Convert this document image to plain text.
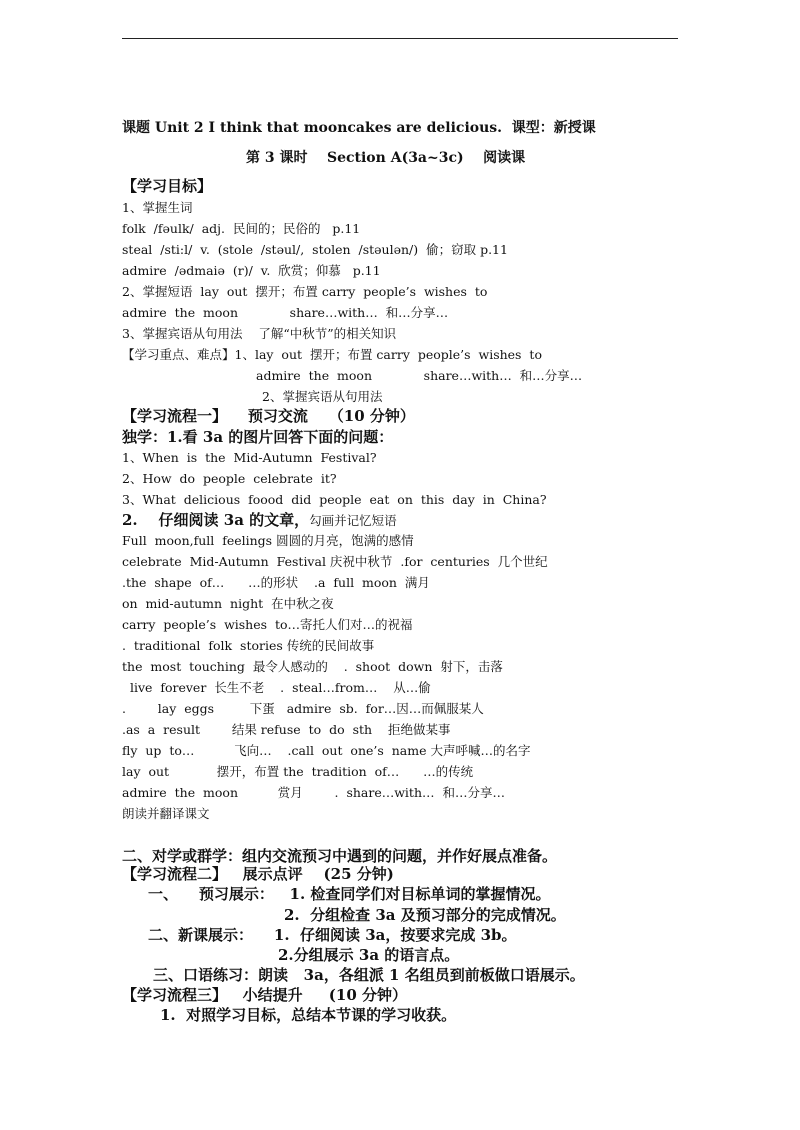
课题 Unit 2 I think that mooncakes are delicious.  课型：新授课
第 3 课时    Section A(3a~3c)    阅读课
【学习目标】
1、掌握生词
folk  /fəulk/  adj.  民间的；民俗的   p.11
steal  /sti:l/  v.  (stole  /stəul/,  stolen  /stəulən/)  偷；窃取 p.11
admire  /ədmaiə  (r)/  v.  欣赏；仰慕   p.11
2、掌握短语  lay  out  摆开；布置 carry  people’s  wishes  to
admire  the  moon             share…with…  和…分享…
3、掌握宾语从句用法    了解“中秋节”的相关知识
【学习重点、难点】1、lay  out  摆开；布置 carry  people’s  wishes  to
admire  the  moon             share…with…  和…分享…
2、掌握宾语从句用法
【学习流程一】    预习交流    （10 分钟）
独学：1.看 3a 的图片回答下面的问题：
1、When  is  the  Mid-Autumn  Festival?
2、How  do  people  celebrate  it?
3、What  delicious  foood  did  people  eat  on  this  day  in  China?
2.    仔细阅读 3a 的文章，勾画并记忆短语
Full  moon,full  feelings 圆圆的月亮，饱满的感情
celebrate  Mid-Autumn  Festival 庆祝中秋节  .for  centuries  几个世纪
.the  shape  of…      …的形状    .a  full  moon  满月
on  mid-autumn  night  在中秋之夜
carry  people’s  wishes  to…寄托人们对…的祝福
.  traditional  folk  stories 传统的民间故事
the  most  touching  最令人感动的    .  shoot  down  射下，击落
live  forever  长生不老    .  steal…from…    从…偷
.        lay  eggs         下蛋   admire  sb.  for…因…而佩服某人
.as  a  result        结果 refuse  to  do  sth    拒绝做某事
fly  up  to…          飞向…    .call  out  one’s  name 大声呼喊…的名字
lay  out            摆开，布置 the  tradition  of…      …的传统
admire  the  moon          赏月        .  share…with…  和…分享…
朗读并翻译课文
二、对学或群学：组内交流预习中遇到的问题，并作好展点准备。
【学习流程二】   展示点评    (25 分钟)
一、    预习展示：   1. 检查同学们对目标单词的掌握情况。
2.  分组检查 3a 及预习部分的完成情况。
二、新课展示：    1.  仔细阅读 3a，按要求完成 3b。
2.分组展示 3a 的语言点。
三、口语练习：朗读   3a，各组派 1 名组员到前板做口语展示。
【学习流程三】   小结提升     (10 分钟）
1.  对照学习目标，总结本节课的学习收获。
